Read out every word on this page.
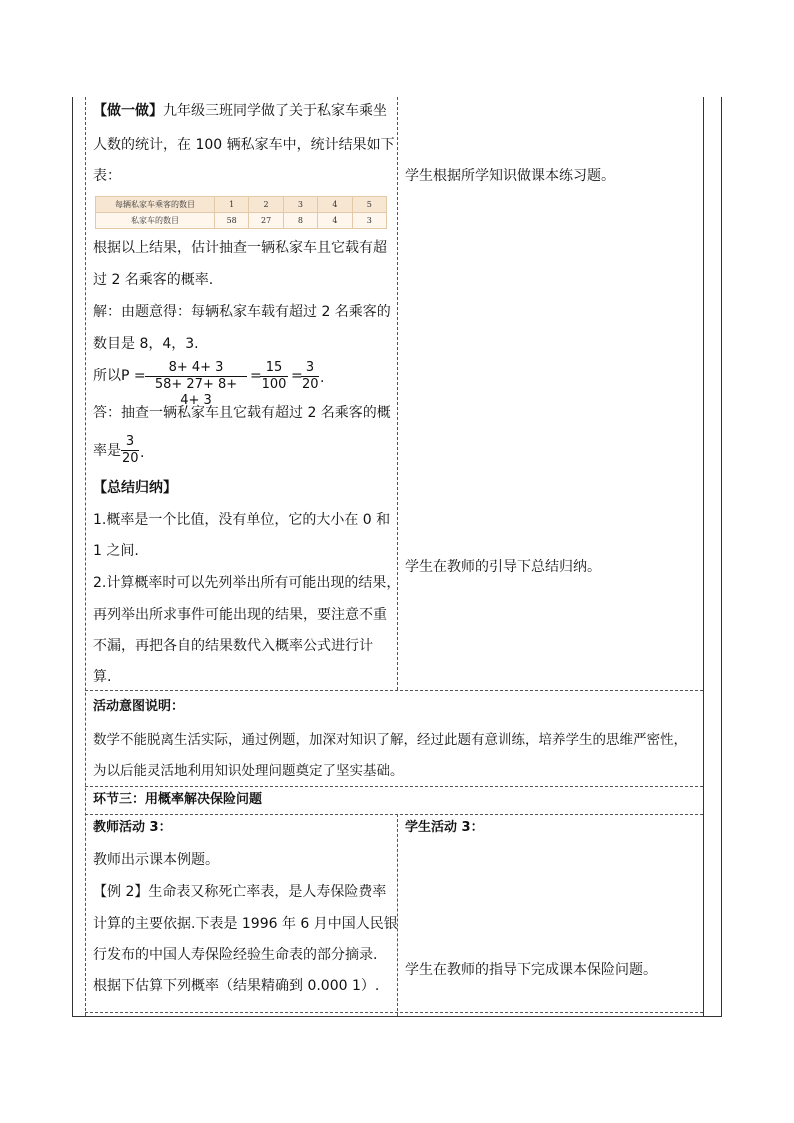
【做一做】九年级三班同学做了关于私家车乘坐
人数的统计，在 100 辆私家车中，统计结果如下
表：
每辆私家车乘客的数目	1	2	3	4	5
私家车的数目	58	27	8	4	3
根据以上结果，估计抽查一辆私家车且它载有超
过 2 名乘客的概率.
解：由题意得：每辆私家车载有超过 2 名乘客的
数目是 8，4，3.
所以$P = \frac{8+ 4+ 3}{58+ 27+ 8+ 4+ 3}$ =
$\frac{15}{100}$ =
$\frac{3}{20}$ .
答：抽查一辆私家车且它载有超过 2 名乘客的概
率是 $\frac{3}{20}$ .
学生根据所学知识做课本练习题。
【总结归纳】
1.概率是一个比值，没有单位，它的大小在 0 和
1 之间.
2.计算概率时可以先列举出所有可能出现的结果，
再列举出所求事件可能出现的结果，要注意不重
不漏，再把各自的结果数代入概率公式进行计
算.
学生在教师的引导下总结归纳。
活动意图说明：
数学不能脱离生活实际，通过例题，加深对知识了解，经过此题有意训练，培养学生的思维严密性，
为以后能灵活地利用知识处理问题奠定了坚实基础。
环节三：用概率解决保险问题
教师活动 3：	学生活动 3：
教师出示课本例题。
【例 2】生命表又称死亡率表，是人寿保险费率
计算的主要依据.下表是 1996 年 6 月中国人民银
行发布的中国人寿保险经验生命表的部分摘录.
根据下估算下列概率（结果精确到 0.000 1）.
学生在教师的指导下完成课本保险问题。
